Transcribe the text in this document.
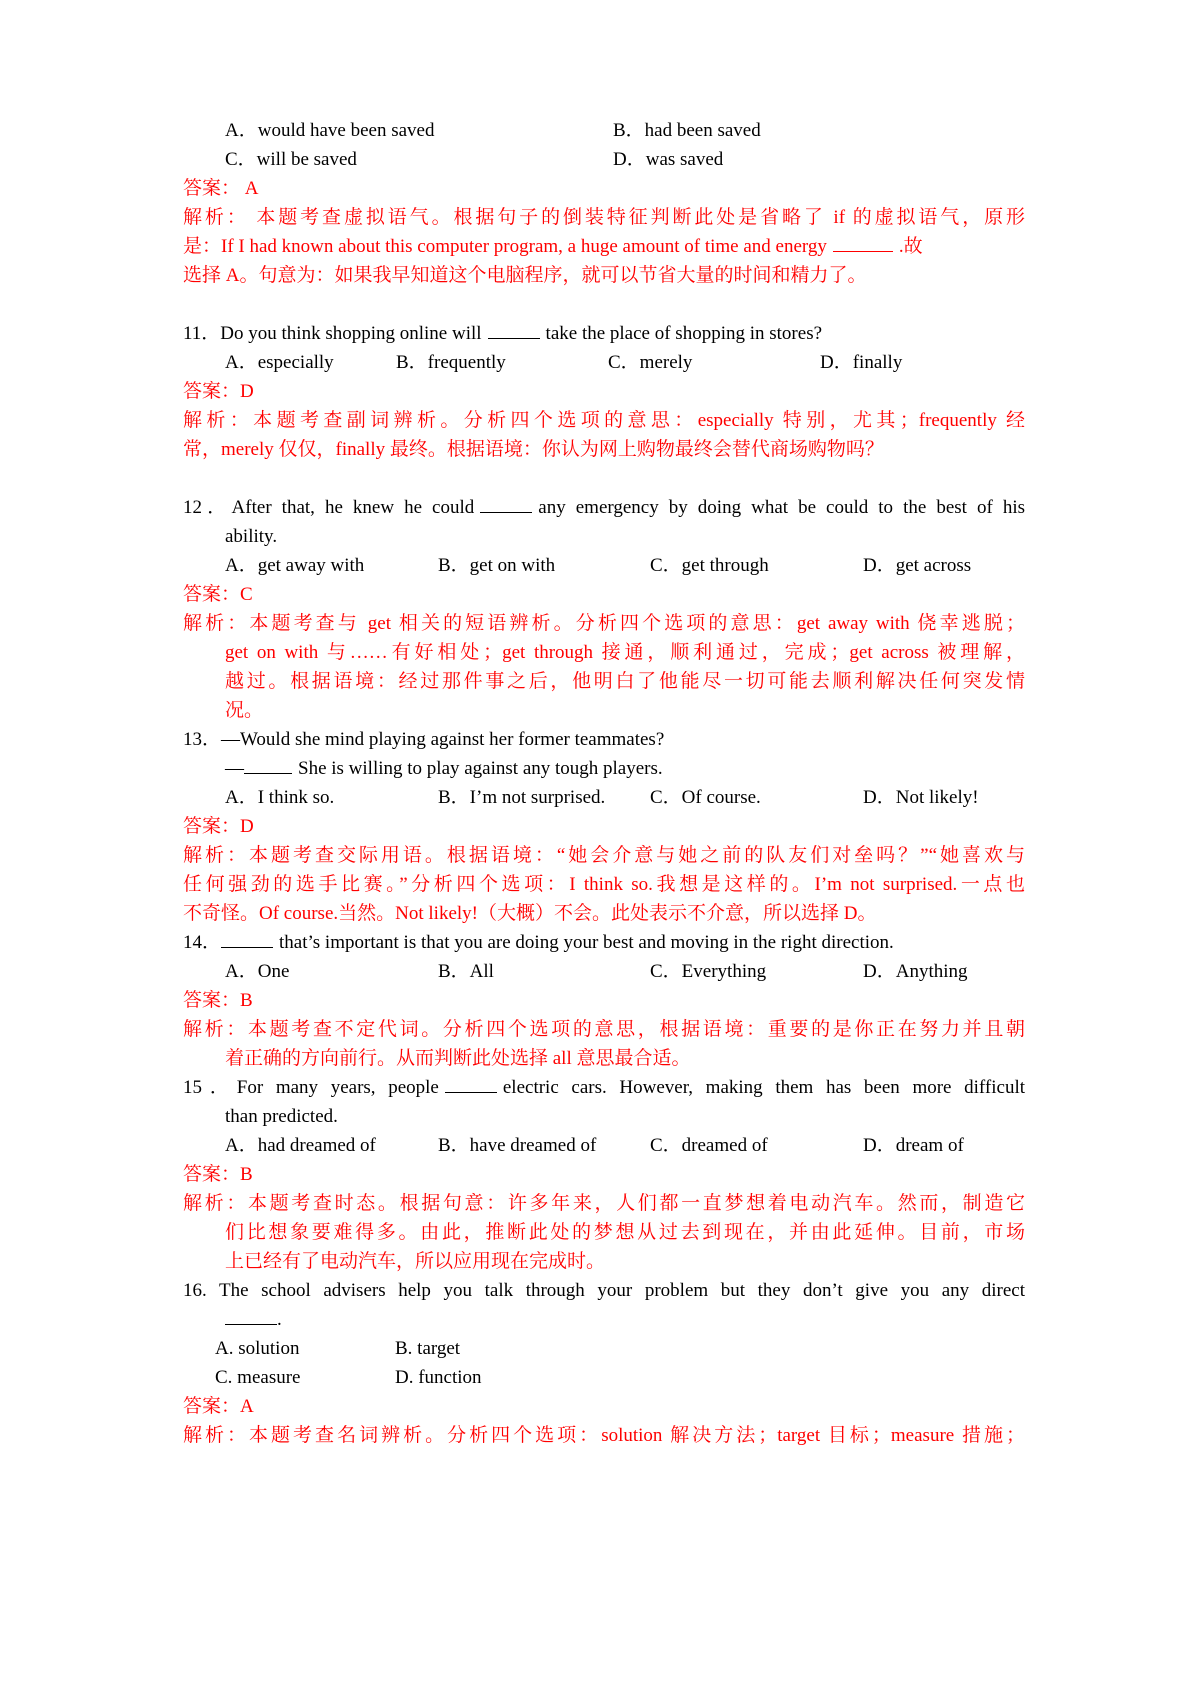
A．would have been saved	B．had been saved
C．will be saved	D．was saved
答案： A
解析： 本题考查虚拟语气。根据句子的倒装特征判断此处是省略了 if 的虚拟语气，原形
是：If I had known about this computer program, a huge amount of time and energy	.故
选择 A。句意为：如果我早知道这个电脑程序，就可以节省大量的时间和精力了。
11．Do you think shopping online will	take the place of shopping in stores?
A．especially	B．frequently	C．merely	D．finally
答案：D
解析：本题考查副词辨析。分析四个选项的意思：especially 特别，尤其；frequently 经
常，merely 仅仅，finally 最终。根据语境：你认为网上购物最终会替代商场购物吗？
12．After that, he knew he could	any emergency by doing what be could to the best of his
ability.
A．get away with	B．get on with	C．get through	D．get across
答案：C
解析：本题考查与 get 相关的短语辨析。分析四个选项的意思：get away with 侥幸逃脱；
get on with 与……有好相处；get through 接通，顺利通过，完成；get across 被理解，
越过。根据语境：经过那件事之后，他明白了他能尽一切可能去顺利解决任何突发情
况。
13．—Would she mind playing against her former teammates?
—	She is willing to play against any tough players.
A．I think so.	B．I’m not surprised. C．Of course.	D．Not likely!
答案：D
解析：本题考查交际用语。根据语境：“她会介意与她之前的队友们对垒吗？”“她喜欢与
任何强劲的选手比赛。”分析四个选项：I think so.我想是这样的。I’m not surprised.一点也
不奇怪。Of course.当然。Not likely!（大概）不会。此处表示不介意，所以选择 D。
14．	that’s important is that you are doing your best and moving in the right direction.
A．One	B．All	C．Everything	D．Anything
答案：B
解析：本题考查不定代词。分析四个选项的意思，根据语境：重要的是你正在努力并且朝
着正确的方向前行。从而判断此处选择 all 意思最合适。
15．For many years, people	electric cars. However, making them has been more difficult
than predicted.
A．had dreamed of	B．have dreamed of	C．dreamed of	D．dream of
答案：B
解析：本题考查时态。根据句意：许多年来，人们都一直梦想着电动汽车。然而，制造它
们比想象要难得多。由此，推断此处的梦想从过去到现在，并由此延伸。目前，市场
上已经有了电动汽车，所以应用现在完成时。
16. The school advisers help you talk through your problem but they don’t give you any direct
.
A. solution	B. target
C. measure	D. function
答案：A
解析：本题考查名词辨析。分析四个选项：solution 解决方法；target 目标；measure 措施；
